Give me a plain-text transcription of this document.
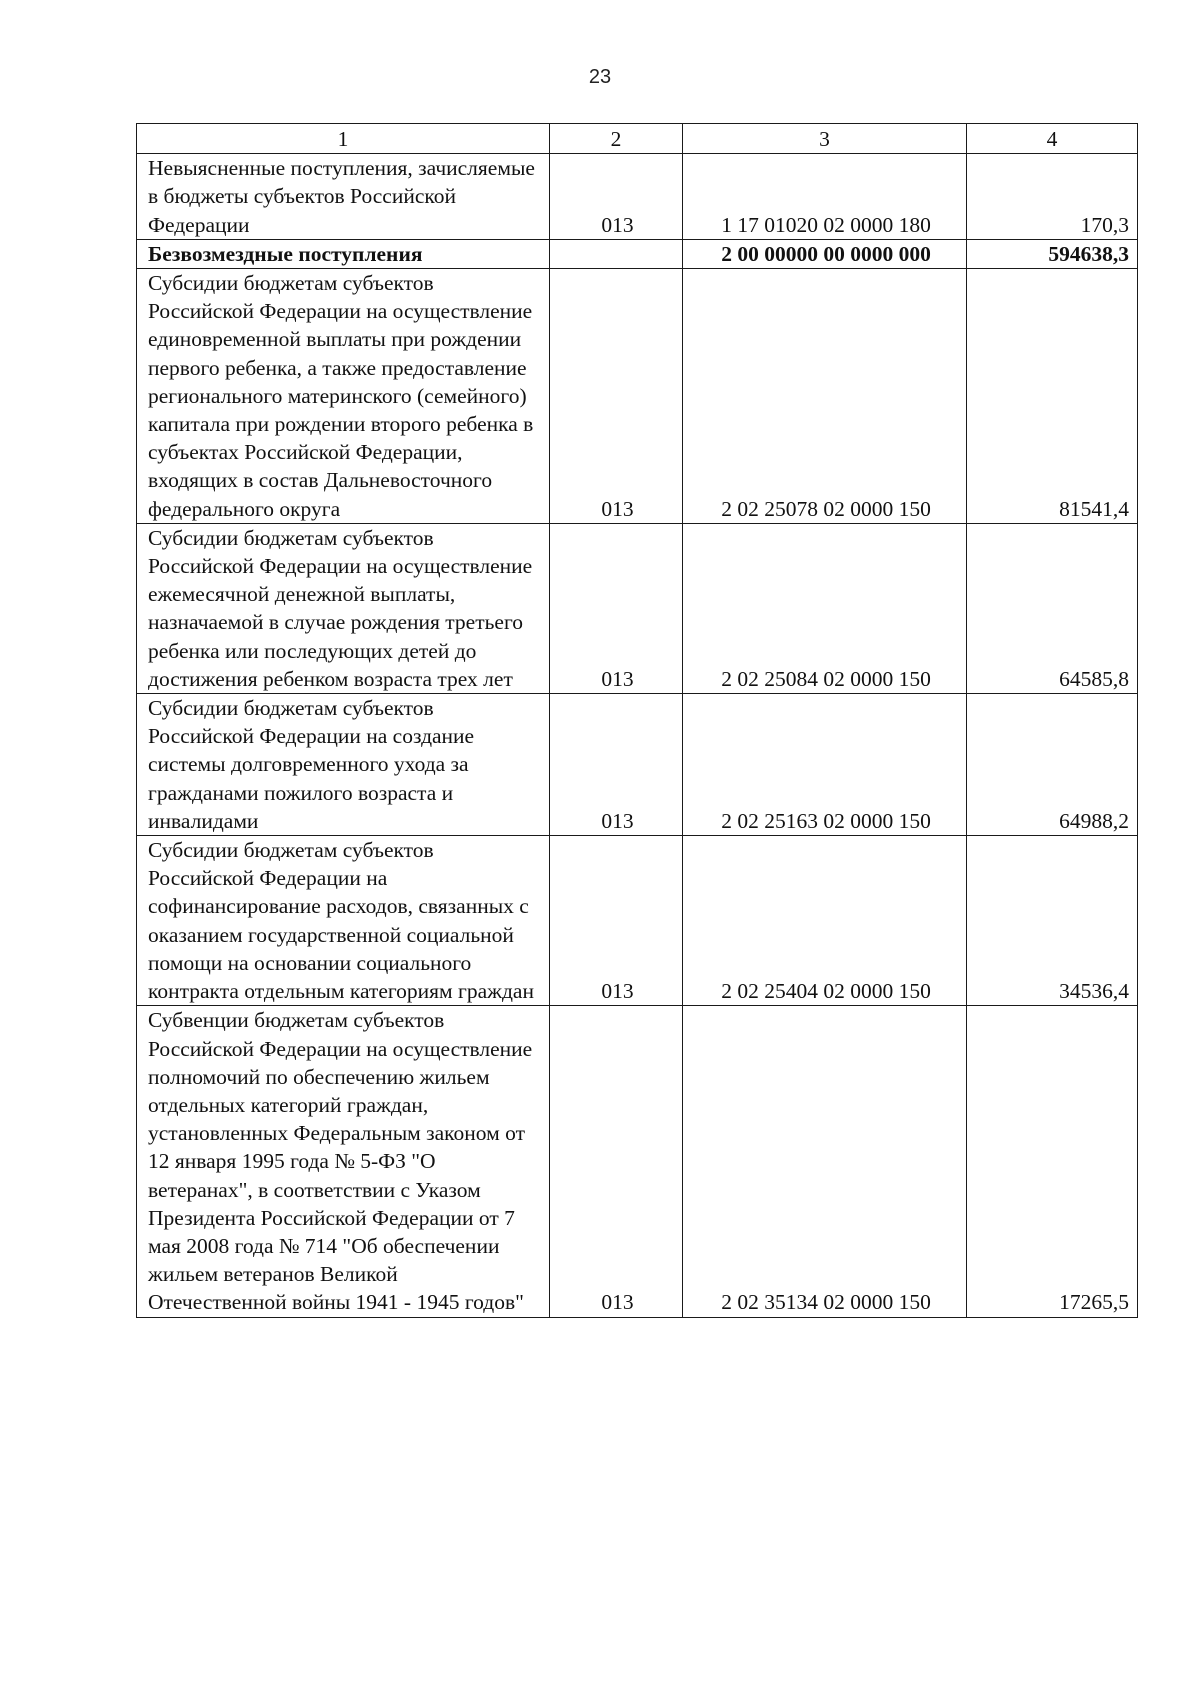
23
1	2	3	4
Невыясненные поступления, зачисляемые в бюджеты субъектов Российской Федерации	013	1 17 01020 02 0000 180	170,3
Безвозмездные поступления		2 00 00000 00 0000 000	594638,3
Субсидии бюджетам субъектов Российской Федерации на осуществление единовременной выплаты при рождении первого ребенка, а также предоставление регионального материнского (семейного) капитала при рождении второго ребенка в субъектах Российской Федерации, входящих в состав Дальневосточного федерального округа	013	2 02 25078 02 0000 150	81541,4
Субсидии бюджетам субъектов Российской Федерации на осуществление ежемесячной денежной выплаты, назначаемой в случае рождения третьего ребенка или последующих детей до достижения ребенком возраста трех лет	013	2 02 25084 02 0000 150	64585,8
Субсидии бюджетам субъектов Российской Федерации на создание системы долговременного ухода за гражданами пожилого возраста и инвалидами	013	2 02 25163 02 0000 150	64988,2
Субсидии бюджетам субъектов Российской Федерации на софинансирование расходов, связанных с оказанием государственной социальной помощи на основании социального контракта отдельным категориям граждан	013	2 02 25404 02 0000 150	34536,4
Субвенции бюджетам субъектов Российской Федерации на осуществление полномочий по обеспечению жильем отдельных категорий граждан, установленных Федеральным законом от 12 января 1995 года № 5-ФЗ "О ветеранах", в соответствии с Указом Президента Российской Федерации от 7 мая 2008 года № 714 "Об обеспечении жильем ветеранов Великой Отечественной войны 1941 - 1945 годов"	013	2 02 35134 02 0000 150	17265,5
